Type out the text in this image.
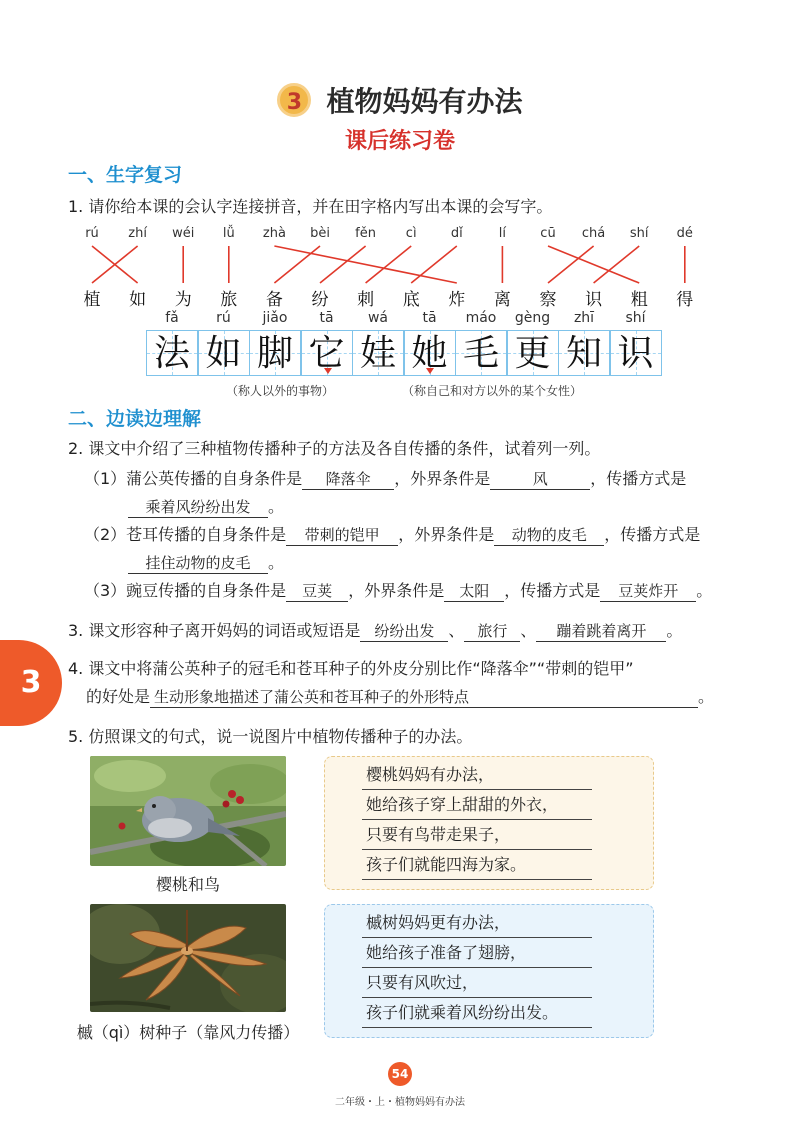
3 植物妈妈有办法
课后练习卷
一、生字复习
1. 请你给本课的会认字连接拼音，并在田字格内写出本课的会写字。
rú	zhí	wéi	lǚ	zhà	bèi	fěn	cì	dǐ	lí	cū	chá	shí	dé
植	如	为	旅	备	纷	刺	底	炸	离	察	识	粗	得
fǎ	rú	jiǎo	tā	wá	tā	máo	gèng	zhī	shí
法 如 脚 它 娃 她 毛 更 知 识
（称人以外的事物）	（称自己和对方以外的某个女性）
二、边读边理解
2. 课文中介绍了三种植物传播种子的方法及各自传播的条件，试着列一列。
（1）蒲公英传播的自身条件是 降落伞 ，外界条件是	风	，传播方式是
乘着风纷纷出发 。
（2）苍耳传播的自身条件是 带刺的铠甲 ，外界条件是 动物的皮毛 ，传播方式是
挂住动物的皮毛 。
（3）豌豆传播的自身条件是 豆荚 ，外界条件是 太阳 ，传播方式是 豆荚炸开 。
3. 课文形容种子离开妈妈的词语或短语是 纷纷出发 、 旅行 、 蹦着跳着离开 。
4. 课文中将蒲公英种子的冠毛和苍耳种子的外皮分别比作“降落伞”“带刺的铠甲”
的好处是 生动形象地描述了蒲公英和苍耳种子的外形特点	。
3
5. 仿照课文的句式，说一说图片中植物传播种子的办法。
樱桃和鸟
樱桃妈妈有办法，
她给孩子穿上甜甜的外衣，
只要有鸟带走果子，
孩子们就能四海为家。
槭（qì）树种子（靠风力传播）
槭树妈妈更有办法，
她给孩子准备了翅膀，
只要有风吹过，
孩子们就乘着风纷纷出发。
54
二年级・上・植物妈妈有办法
